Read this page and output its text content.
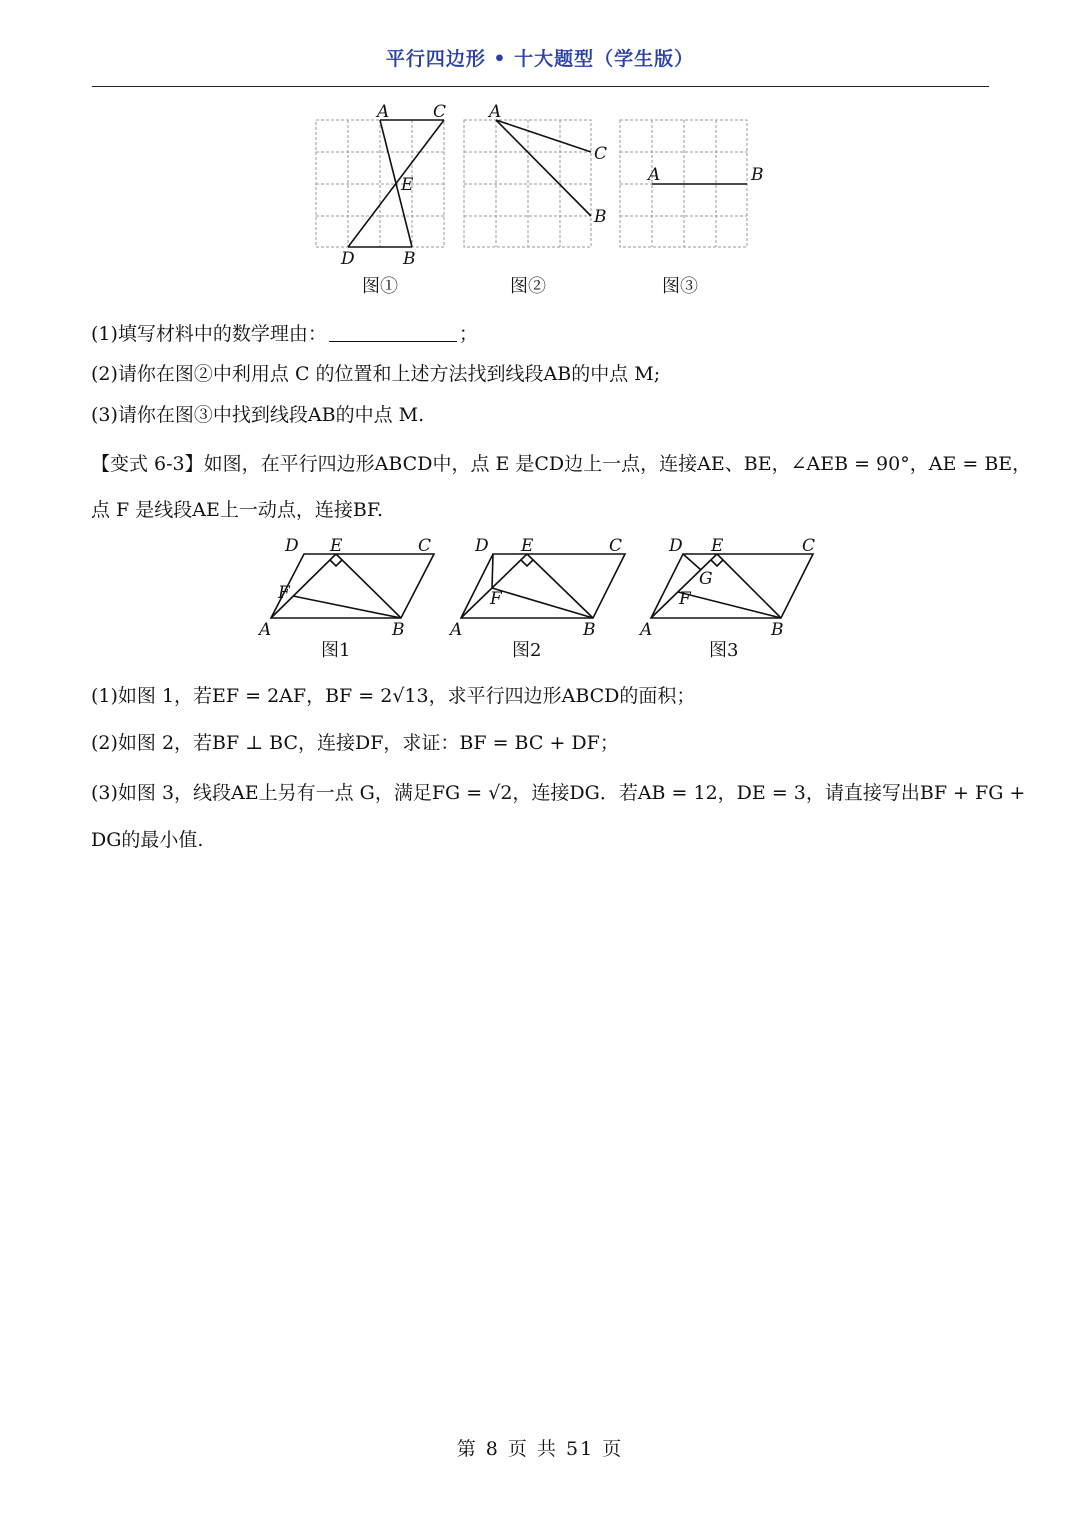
平行四边形 • 十大题型（学生版）
A	C
E
D	B
图①
A
C
B
图②
A	B
图③
(1)填写材料中的数学理由：	；
(2)请你在图②中利用点 C 的位置和上述方法找到线段AB的中点 M;
(3)请你在图③中找到线段AB的中点 M.
【变式 6-3】如图，在平行四边形ABCD中，点 E 是CD边上一点，连接AE、BE，∠AEB = 90°，AE = BE，
点 F 是线段AE上一动点，连接BF.
D E	C
F
A	B
图1
D E	C
F
A	B
图2
D E	C
G
F
A	B
图3
(1)如图 1，若EF = 2AF，BF = 2√13，求平行四边形ABCD的面积；
(2)如图 2，若BF ⊥ BC，连接DF，求证：BF = BC + DF；
(3)如图 3，线段AE上另有一点 G，满足FG = √2，连接DG．若AB = 12，DE = 3，请直接写出BF + FG +
DG的最小值.
第 8 页 共 51 页
